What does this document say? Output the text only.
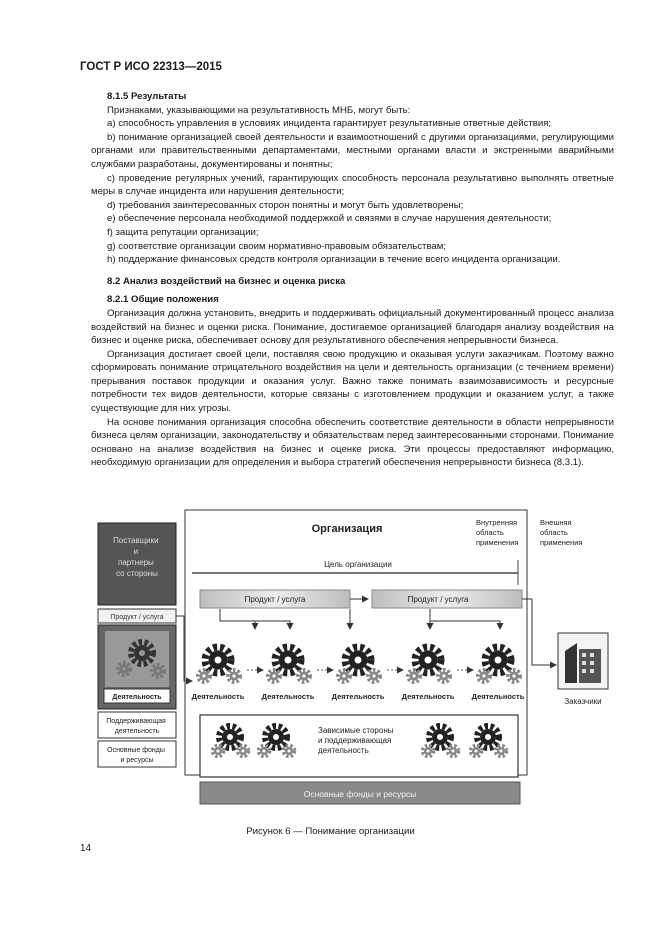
ГОСТ Р ИСО 22313—2015

8.1.5 Результаты

Признаками, указывающими на результативность МНБ, могут быть:

a) способность управления в условиях инцидента гарантирует результативные ответные действия;

b) понимание организацией своей деятельности и взаимоотношений с другими организациями, регулирующими органами или правительственными департаментами, местными органами власти и экстренными аварийными службами разработаны, документированы и понятны;

c) проведение регулярных учений, гарантирующих способность персонала результативно выполнять ответные меры в случае инцидента или нарушения деятельности;

d) требования заинтересованных сторон понятны и могут быть удовлетворены;

e) обеспечение персонала необходимой поддержкой и связями в случае нарушения деятельности;

f) защита репутации организации;

g) соответствие организации своим нормативно-правовым обязательствам;

h) поддержание финансовых средств контроля организации в течение всего инцидента организации.

8.2 Анализ воздействий на бизнес и оценка риска

8.2.1 Общие положения

Организация должна установить, внедрить и поддерживать официальный документированный процесс анализа воздействий на бизнес и оценки риска. Понимание, достигаемое организацией благодаря анализу воздействия на бизнес и оценке риска, обеспечивает основу для результативного обеспечения непрерывности бизнеса.

Организация достигает своей цели, поставляя свою продукцию и оказывая услуги заказчикам. Поэтому важно сформировать понимание отрицательного воздействия на цели и деятельность организации (с течением времени) прерывания поставок продукции и оказания услуг. Важно также понимать взаимозависимость и ресурсные потребности тех видов деятельности, которые связаны с изготовлением продукции и оказанием услуг, а также существующие для них угрозы.

На основе понимания организация способна обеспечить соответствие деятельности в области непрерывности бизнеса целям организации, законодательству и обязательствам перед заинтересованными сторонами. Понимание основано на анализе воздействия на бизнес и оценке риска. Эти процессы предоставляют информацию, необходимую организации для определения и выбора стратегий обеспечения непрерывности бизнеса (8.3.1).

Поставщики и партнеры со стороны
Продукт / услуга
Деятельность
Поддерживающая деятельность
Основные фонды и ресурсы
Организация
Внутренняя область применения
Внешняя область применения
Цель организации
Продукт / услуга	Продукт / услуга
Деятельность Деятельность Деятельность Деятельность Деятельность
Заказчики
Зависимые стороны и поддерживающая деятельность
Основные фонды и ресурсы
Рисунок 6 — Понимание организации
14
